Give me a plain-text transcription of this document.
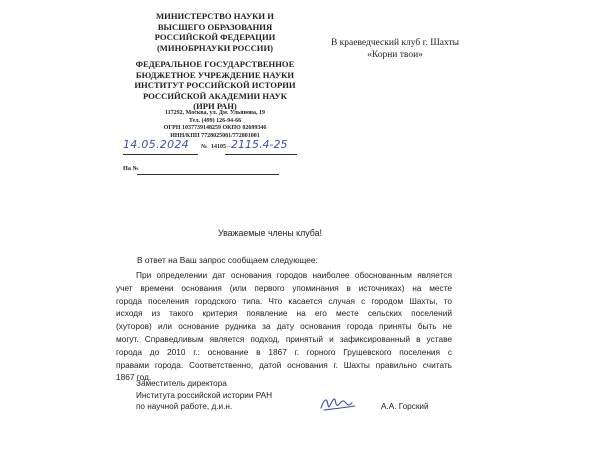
МИНИСТЕРСТВО НАУКИ И
ВЫСШЕГО ОБРАЗОВАНИЯ
РОССИЙСКОЙ ФЕДЕРАЦИИ
(МИНОБРНАУКИ РОССИИ)
ФЕДЕРАЛЬНОЕ ГОСУДАРСТВЕННОЕ
БЮДЖЕТНОЕ УЧРЕЖДЕНИЕ НАУКИ
ИНСТИТУТ РОССИЙСКОЙ ИСТОРИИ
РОССИЙСКОЙ АКАДЕМИИ НАУК
(ИРИ РАН)
117292, Москва, ул. Дм. Ульянова, 19
Тел. (499) 126-94-66
ОГРН 1037739148259 ОКПО 02699346
ИНН/КПП 7728025081/772801001
В краеведческий клуб г. Шахты
«Корни твои»
14.05.2024 № 14105 – 2115.4-25
На №
Уважаемые члены клуба!
В ответ на Ваш запрос сообщаем следующее:
При определении дат основания городов наиболее обоснованным является
учет времени основания (или первого упоминания в источниках) на месте
города поселения городского типа. Что касается случая с городом Шахты, то
исходя из такого критерия появление на его месте сельских поселений
(хуторов) или основание рудника за дату основания города приняты быть не
могут. Справедливым является подход, принятый и зафиксированный в уставе
города до 2010 г.: основание в 1867 г. горного Грушевского поселения с
правами города. Соответственно, датой основания г. Шахты правильно считать
1867 год.
Заместитель директора
Института российской истории РАН
по научной работе, д.и.н.	А.А. Горский
